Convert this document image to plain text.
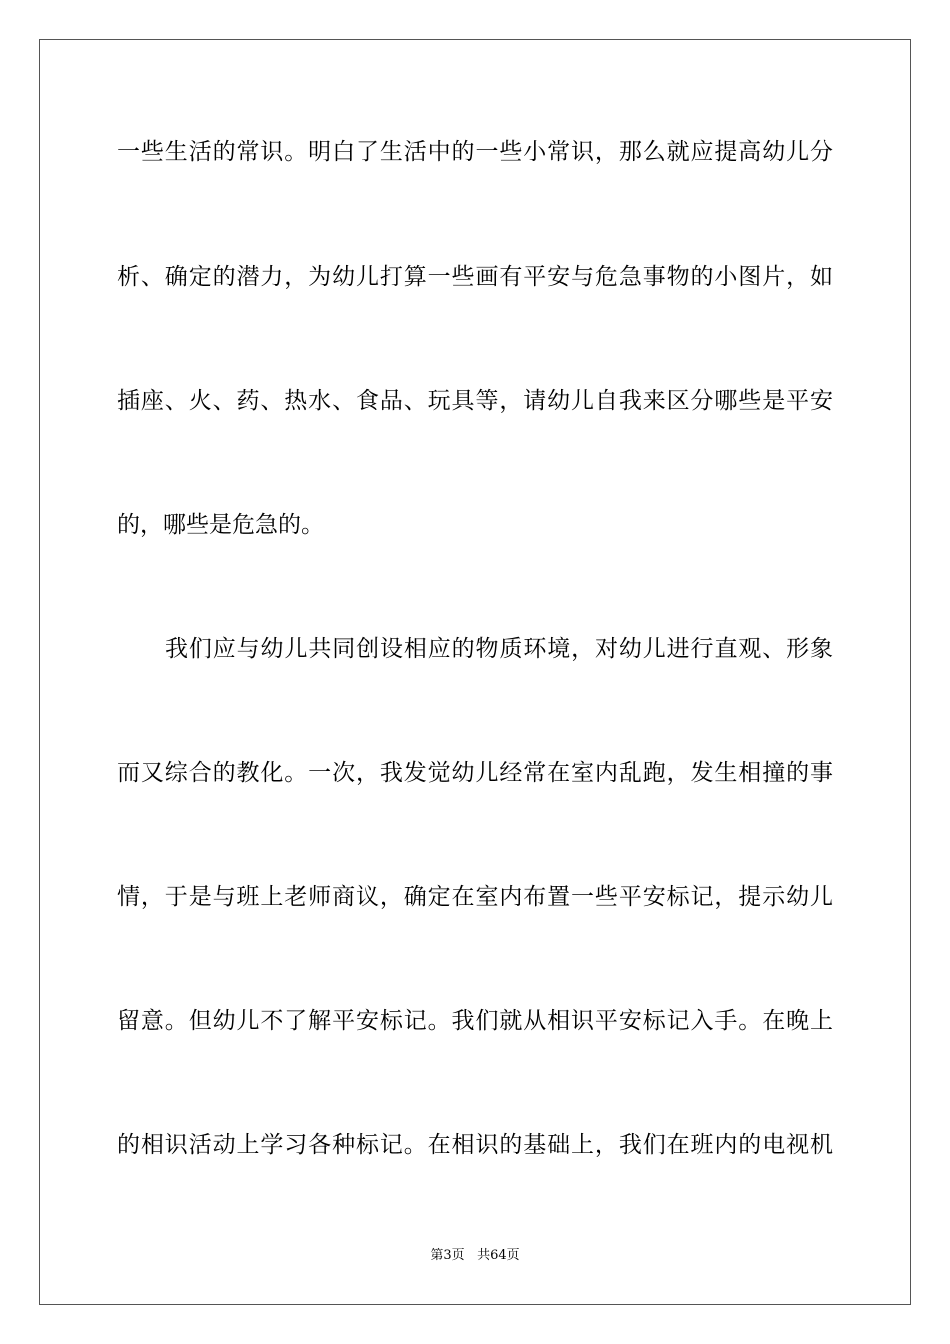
一些生活的常识。明白了生活中的一些小常识，那么就应提高幼儿分
析、确定的潜力，为幼儿打算一些画有平安与危急事物的小图片，如
插座、火、药、热水、食品、玩具等，请幼儿自我来区分哪些是平安
的，哪些是危急的。
我们应与幼儿共同创设相应的物质环境，对幼儿进行直观、形象
而又综合的教化。一次，我发觉幼儿经常在室内乱跑，发生相撞的事
情，于是与班上老师商议，确定在室内布置一些平安标记，提示幼儿
留意。但幼儿不了解平安标记。我们就从相识平安标记入手。在晚上
的相识活动上学习各种标记。在相识的基础上，我们在班内的电视机
第3页 共64页
